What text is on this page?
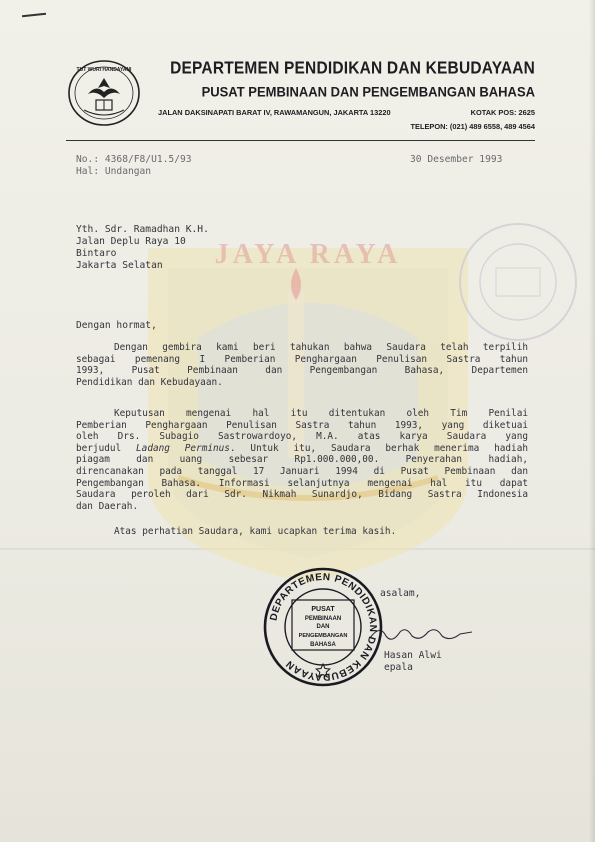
JAYA RAYA
TUT WURI HANDAYANI	DEPARTEMEN PENDIDIKAN DAN KEBUDAYAAN
PUSAT PEMBINAAN DAN PENGEMBANGAN BAHASA
JALAN DAKSINAPATI BARAT IV, RAWAMANGUN, JAKARTA 13220	KOTAK POS: 2625
TELEPON: (021) 489 6558, 489 4564
No.: 4368/F8/U1.5/93	30 Desember 1993
Hal: Undangan
Yth. Sdr. Ramadhan K.H.
Jalan Deplu Raya 10
Bintaro
Jakarta Selatan
Dengan hormat,
Dengan gembira kami beri tahukan bahwa Saudara telah terpilih
sebagai pemenang I Pemberian Penghargaan Penulisan Sastra tahun
1993, Pusat Pembinaan dan Pengembangan Bahasa, Departemen
Pendidikan dan Kebudayaan.
Keputusan mengenai hal itu ditentukan oleh Tim Penilai
Pemberian Penghargaan Penulisan Sastra tahun 1993, yang diketuai
oleh Drs. Subagio Sastrowardoyo, M.A. atas karya Saudara yang
berjudul Ladang Perminus. Untuk itu, Saudara berhak menerima hadiah
piagam dan uang sebesar Rp1.000.000,00. Penyerahan hadiah,
direncanakan pada tanggal 17 Januari 1994 di Pusat Pembinaan dan
Pengembangan Bahasa. Informasi selanjutnya mengenai hal itu dapat
Saudara peroleh dari Sdr. Nikmah Sunardjo, Bidang Sastra Indonesia
dan Daerah.
Atas perhatian Saudara, kami ucapkan terima kasih.
asalam,
Hasan Alwi
epala
DEPARTEMEN PENDIDIKAN DAN KEBUDAYAAN
PUSAT
PEMBINAAN
DAN
PENGEMBANGAN
BAHASA
